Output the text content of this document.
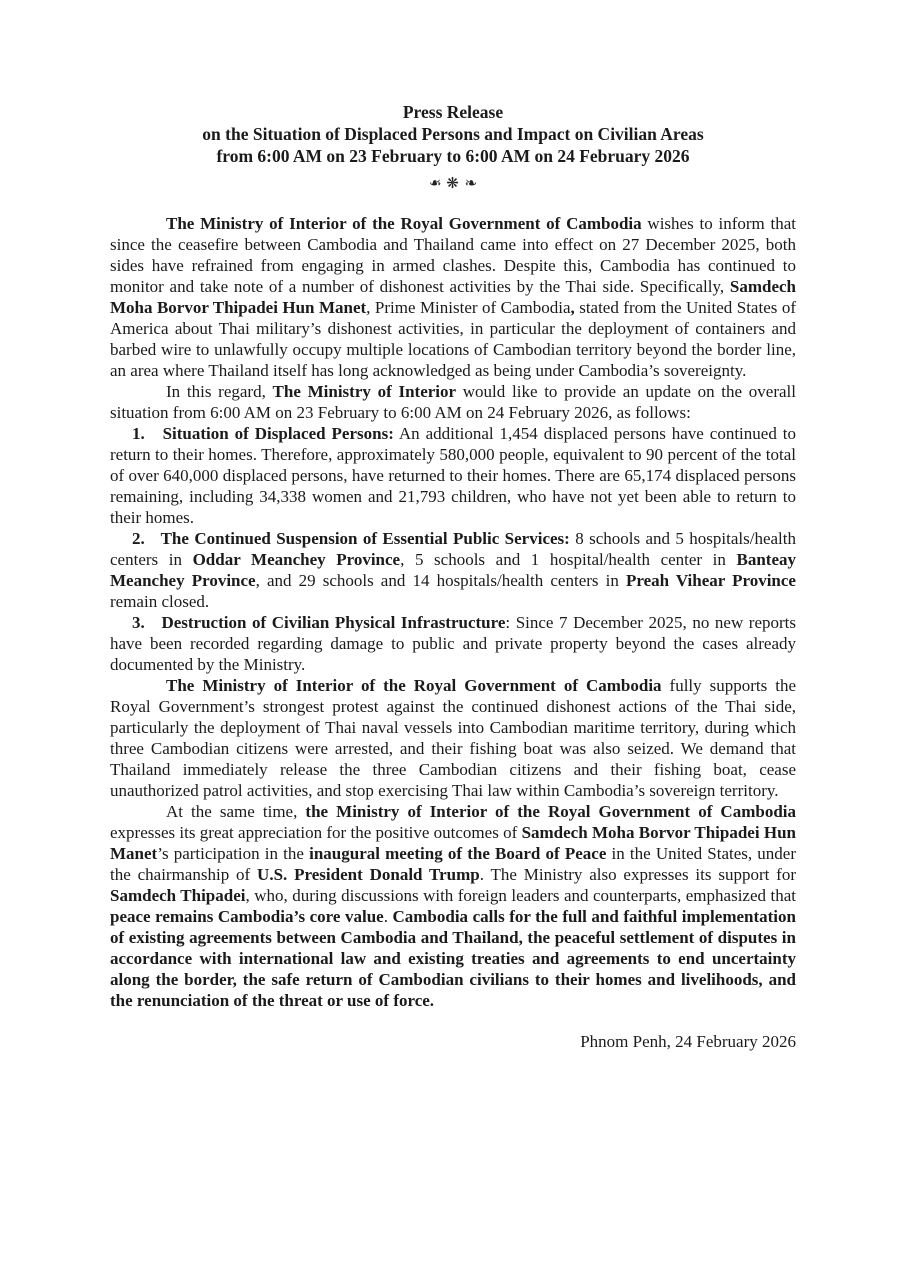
Press Release
on the Situation of Displaced Persons and Impact on Civilian Areas
from 6:00 AM on 23 February to 6:00 AM on 24 February 2026
❧ ❋ ❧

The Ministry of Interior of the Royal Government of Cambodia wishes to inform that since the ceasefire between Cambodia and Thailand came into effect on 27 December 2025, both sides have refrained from engaging in armed clashes. Despite this, Cambodia has continued to monitor and take note of a number of dishonest activities by the Thai side. Specifically, Samdech Moha Borvor Thipadei Hun Manet, Prime Minister of Cambodia, stated from the United States of America about Thai military’s dishonest activities, in particular the deployment of containers and barbed wire to unlawfully occupy multiple locations of Cambodian territory beyond the border line, an area where Thailand itself has long acknowledged as being under Cambodia’s sovereignty.

In this regard, The Ministry of Interior would like to provide an update on the overall situation from 6:00 AM on 23 February to 6:00 AM on 24 February 2026, as follows:

1.   Situation of Displaced Persons: An additional 1,454 displaced persons have continued to return to their homes. Therefore, approximately 580,000 people, equivalent to 90 percent of the total of over 640,000 displaced persons, have returned to their homes. There are 65,174 displaced persons remaining, including 34,338 women and 21,793 children, who have not yet been able to return to their homes.

2.   The Continued Suspension of Essential Public Services: 8 schools and 5 hospitals/health centers in Oddar Meanchey Province, 5 schools and 1 hospital/health center in Banteay Meanchey Province, and 29 schools and 14 hospitals/health centers in Preah Vihear Province remain closed.

3.   Destruction of Civilian Physical Infrastructure: Since 7 December 2025, no new reports have been recorded regarding damage to public and private property beyond the cases already documented by the Ministry.

The Ministry of Interior of the Royal Government of Cambodia fully supports the Royal Government’s strongest protest against the continued dishonest actions of the Thai side, particularly the deployment of Thai naval vessels into Cambodian maritime territory, during which three Cambodian citizens were arrested, and their fishing boat was also seized. We demand that Thailand immediately release the three Cambodian citizens and their fishing boat, cease unauthorized patrol activities, and stop exercising Thai law within Cambodia’s sovereign territory.

At the same time, the Ministry of Interior of the Royal Government of Cambodia expresses its great appreciation for the positive outcomes of Samdech Moha Borvor Thipadei Hun Manet’s participation in the inaugural meeting of the Board of Peace in the United States, under the chairmanship of U.S. President Donald Trump. The Ministry also expresses its support for Samdech Thipadei, who, during discussions with foreign leaders and counterparts, emphasized that peace remains Cambodia’s core value. Cambodia calls for the full and faithful implementation of existing agreements between Cambodia and Thailand, the peaceful settlement of disputes in accordance with international law and existing treaties and agreements to end uncertainty along the border, the safe return of Cambodian civilians to their homes and livelihoods, and the renunciation of the threat or use of force.

Phnom Penh, 24 February 2026
